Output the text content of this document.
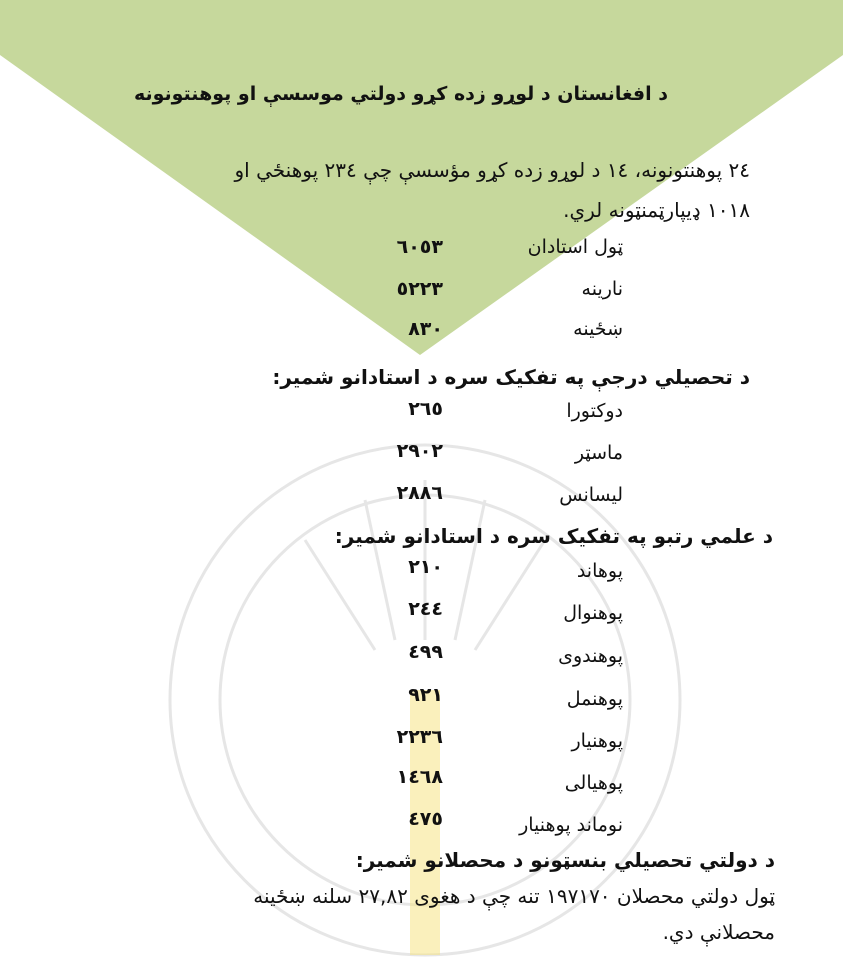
د افغانستان د لوړو زده کړو دولتي موسسې او پوهنتونونه
۲٤ پوهنتونونه، ۱٤ د لوړو زده کړو مؤسسې چې ۲۳٤ پوهنځي او
۱۰۱۸ ډیپارټمنټونه لري.
ټول استادان
٦۰٥۳
نارینه
٥۲۲۳
ښځینه
۸۳۰
د تحصیلي درجې په تفکیک سره د استادانو شمیر:
دوکتورا
۲٦٥
ماسټر
۲۹۰۲
لیسانس
۲۸۸٦
د علمي رتبو په تفکیک سره د استادانو شمیر:
پوهاند
۲۱۰
پوهنوال
۲٤٤
پوهندوی
٤۹۹
پوهنمل
۹۲۱
پوهنیار
۲۲۳٦
پوهیالی
۱٤٦۸
نوماند پوهنیار
٤۷٥
د دولتي تحصیلي بنسټونو د محصلانو شمیر:
ټول دولتي محصلان ۱۹۷۱۷۰ تنه چې د هغوی ۲۷,۸۲ سلنه ښځینه
محصلانې دي.
